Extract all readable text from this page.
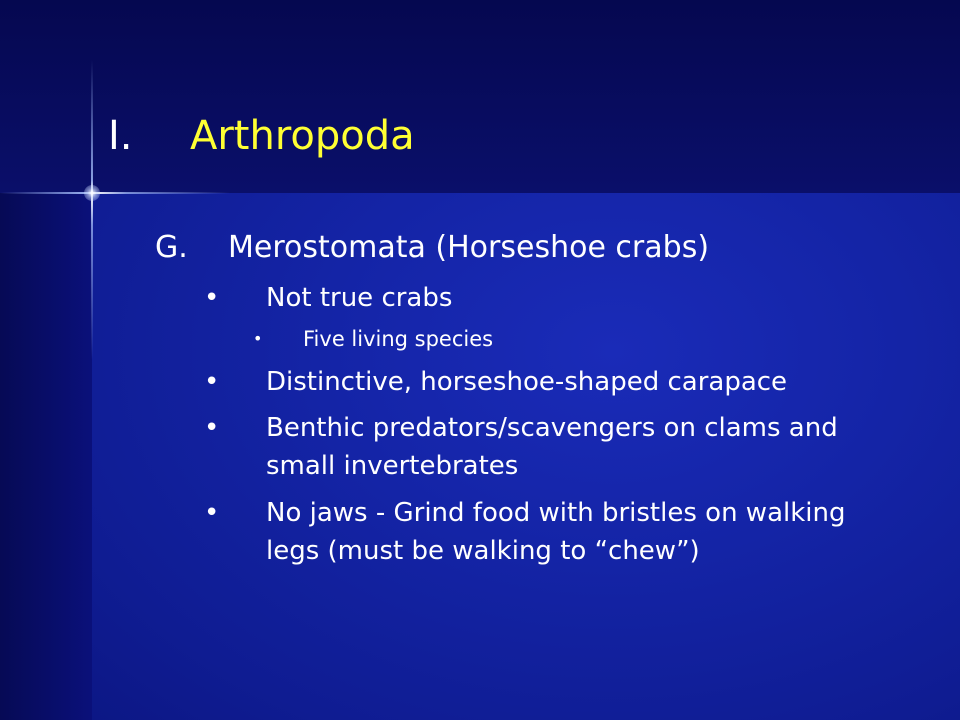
I. Arthropoda
G. Merostomata (Horseshoe crabs)
• Not true crabs
• Five living species
• Distinctive, horseshoe-shaped carapace
• Benthic predators/scavengers on clams and
small invertebrates
• No jaws - Grind food with bristles on walking
legs (must be walking to “chew”)
